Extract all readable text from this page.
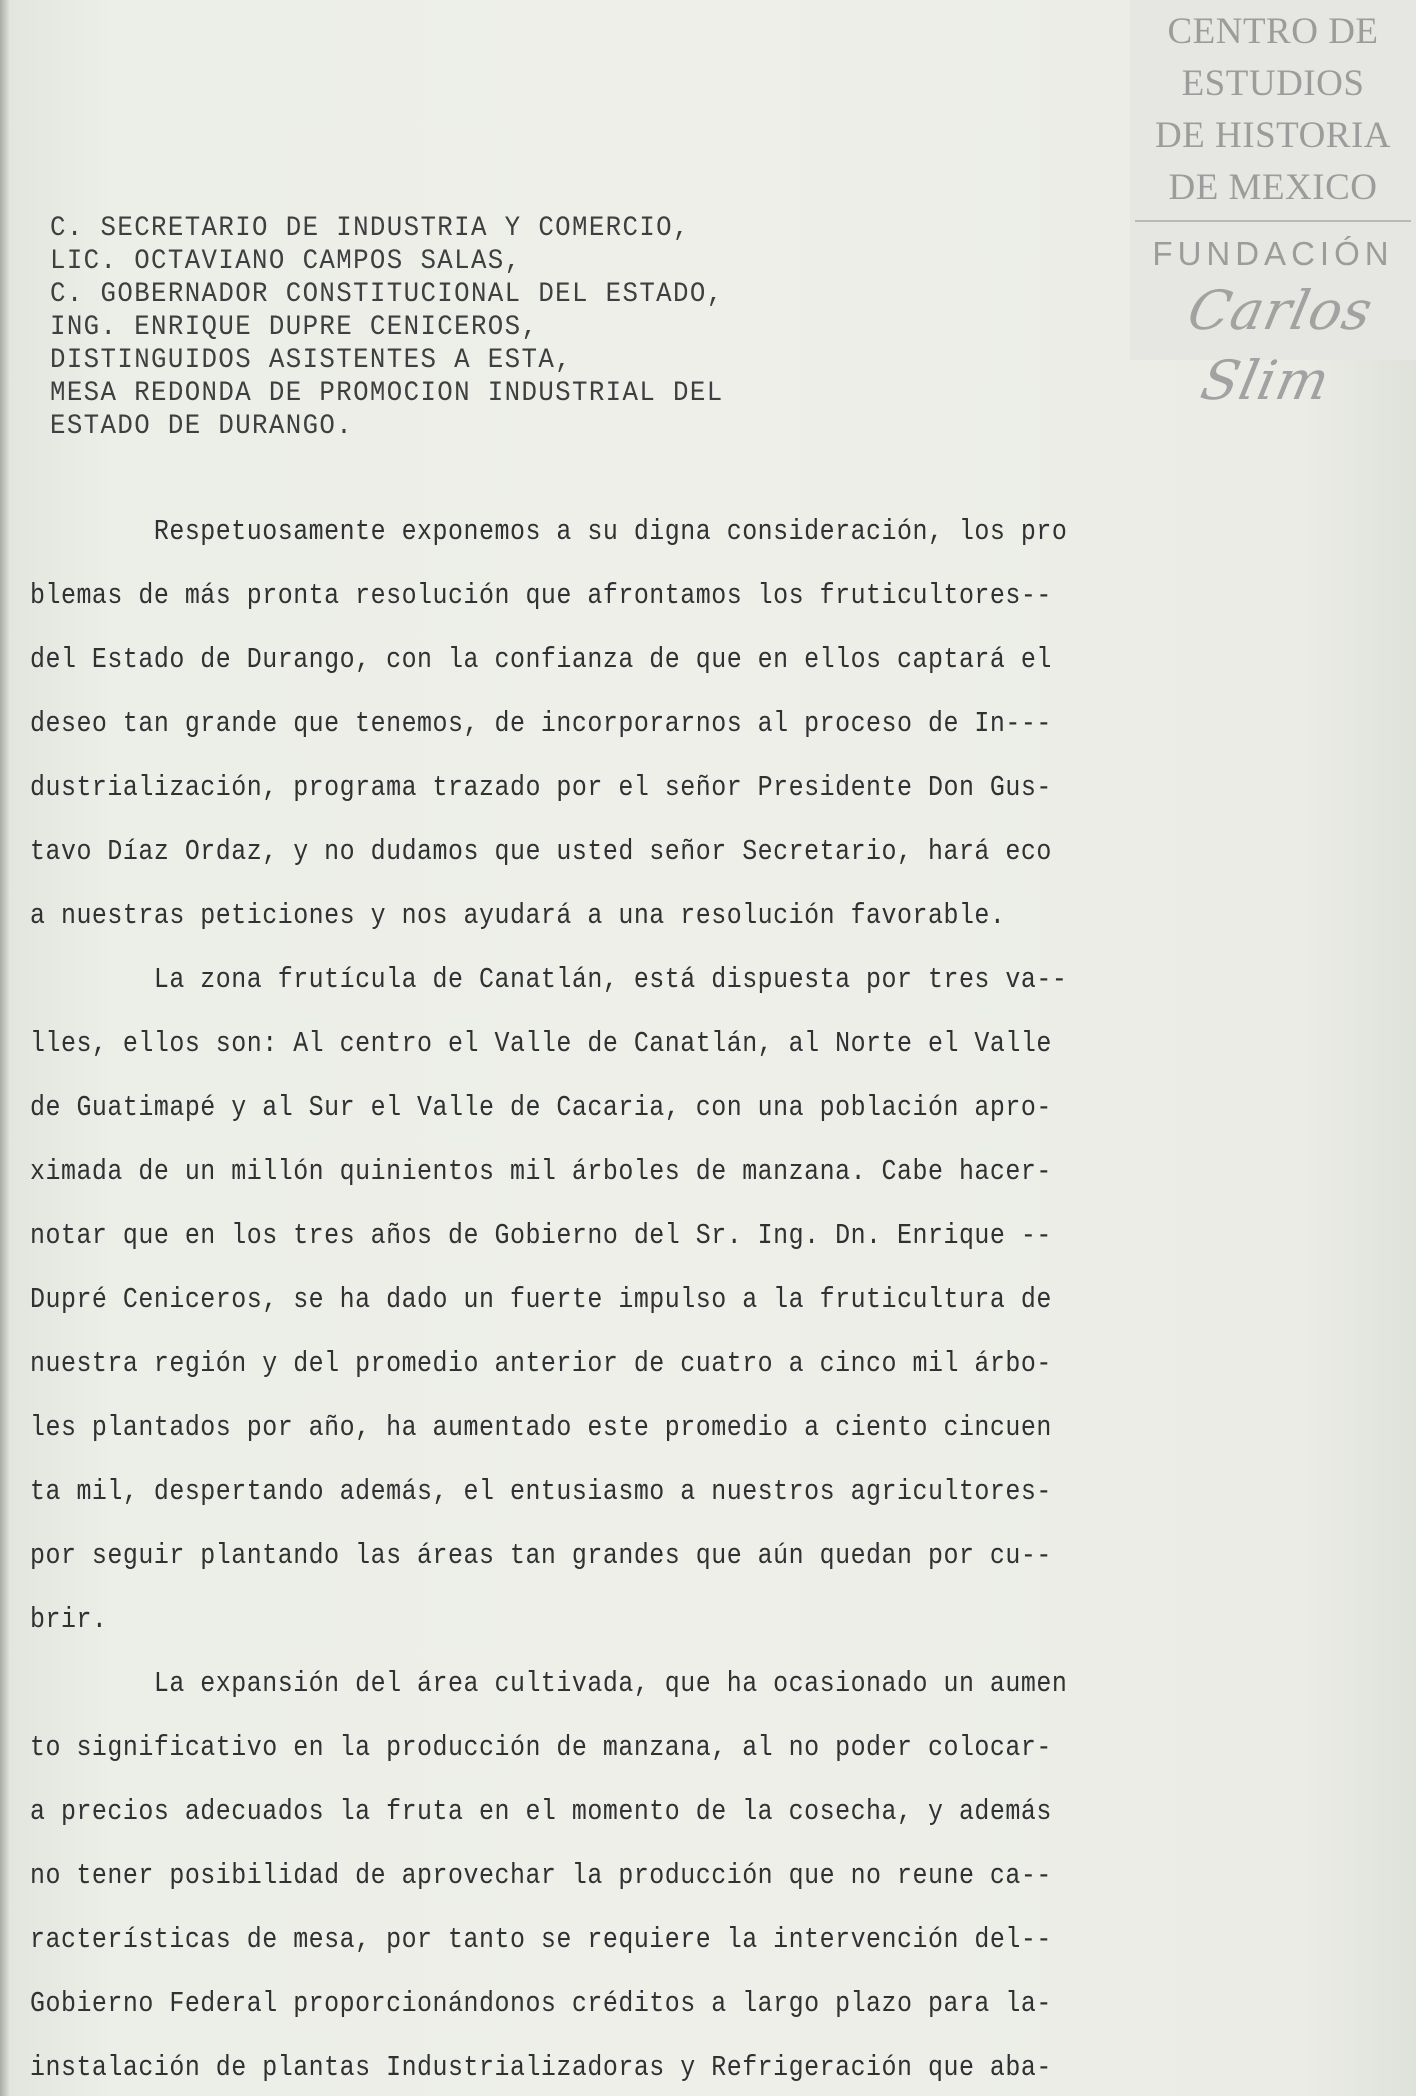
CENTRO DE
ESTUDIOS
DE HISTORIA
DE MEXICO
FUNDACIÓN
Carlos Slim
C. SECRETARIO DE INDUSTRIA Y COMERCIO,
LIC. OCTAVIANO CAMPOS SALAS,
C. GOBERNADOR CONSTITUCIONAL DEL ESTADO,
ING. ENRIQUE DUPRE CENICEROS,
DISTINGUIDOS ASISTENTES A ESTA,
MESA REDONDA DE PROMOCION INDUSTRIAL DEL
ESTADO DE DURANGO.
Respetuosamente exponemos a su digna consideración, los pro
blemas de más pronta resolución que afrontamos los fruticultores--
del Estado de Durango, con la confianza de que en ellos captará el
deseo tan grande que tenemos, de incorporarnos al proceso de In---
dustrialización, programa trazado por el señor Presidente Don Gus-
tavo Díaz Ordaz, y no dudamos que usted señor Secretario, hará eco
a nuestras peticiones y nos ayudará a una resolución favorable.
La zona frutícula de Canatlán, está dispuesta por tres va--
lles, ellos son: Al centro el Valle de Canatlán, al Norte el Valle
de Guatimapé y al Sur el Valle de Cacaria, con una población apro-
ximada de un millón quinientos mil árboles de manzana. Cabe hacer-
notar que en los tres años de Gobierno del Sr. Ing. Dn. Enrique --
Dupré Ceniceros, se ha dado un fuerte impulso a la fruticultura de
nuestra región y del promedio anterior de cuatro a cinco mil árbo-
les plantados por año, ha aumentado este promedio a ciento cincuen
ta mil, despertando además, el entusiasmo a nuestros agricultores-
por seguir plantando las áreas tan grandes que aún quedan por cu--
brir.
La expansión del área cultivada, que ha ocasionado un aumen
to significativo en la producción de manzana, al no poder colocar-
a precios adecuados la fruta en el momento de la cosecha, y además
no tener posibilidad de aprovechar la producción que no reune ca--
racterísticas de mesa, por tanto se requiere la intervención del--
Gobierno Federal proporcionándonos créditos a largo plazo para la-
instalación de plantas Industrializadoras y Refrigeración que aba-
